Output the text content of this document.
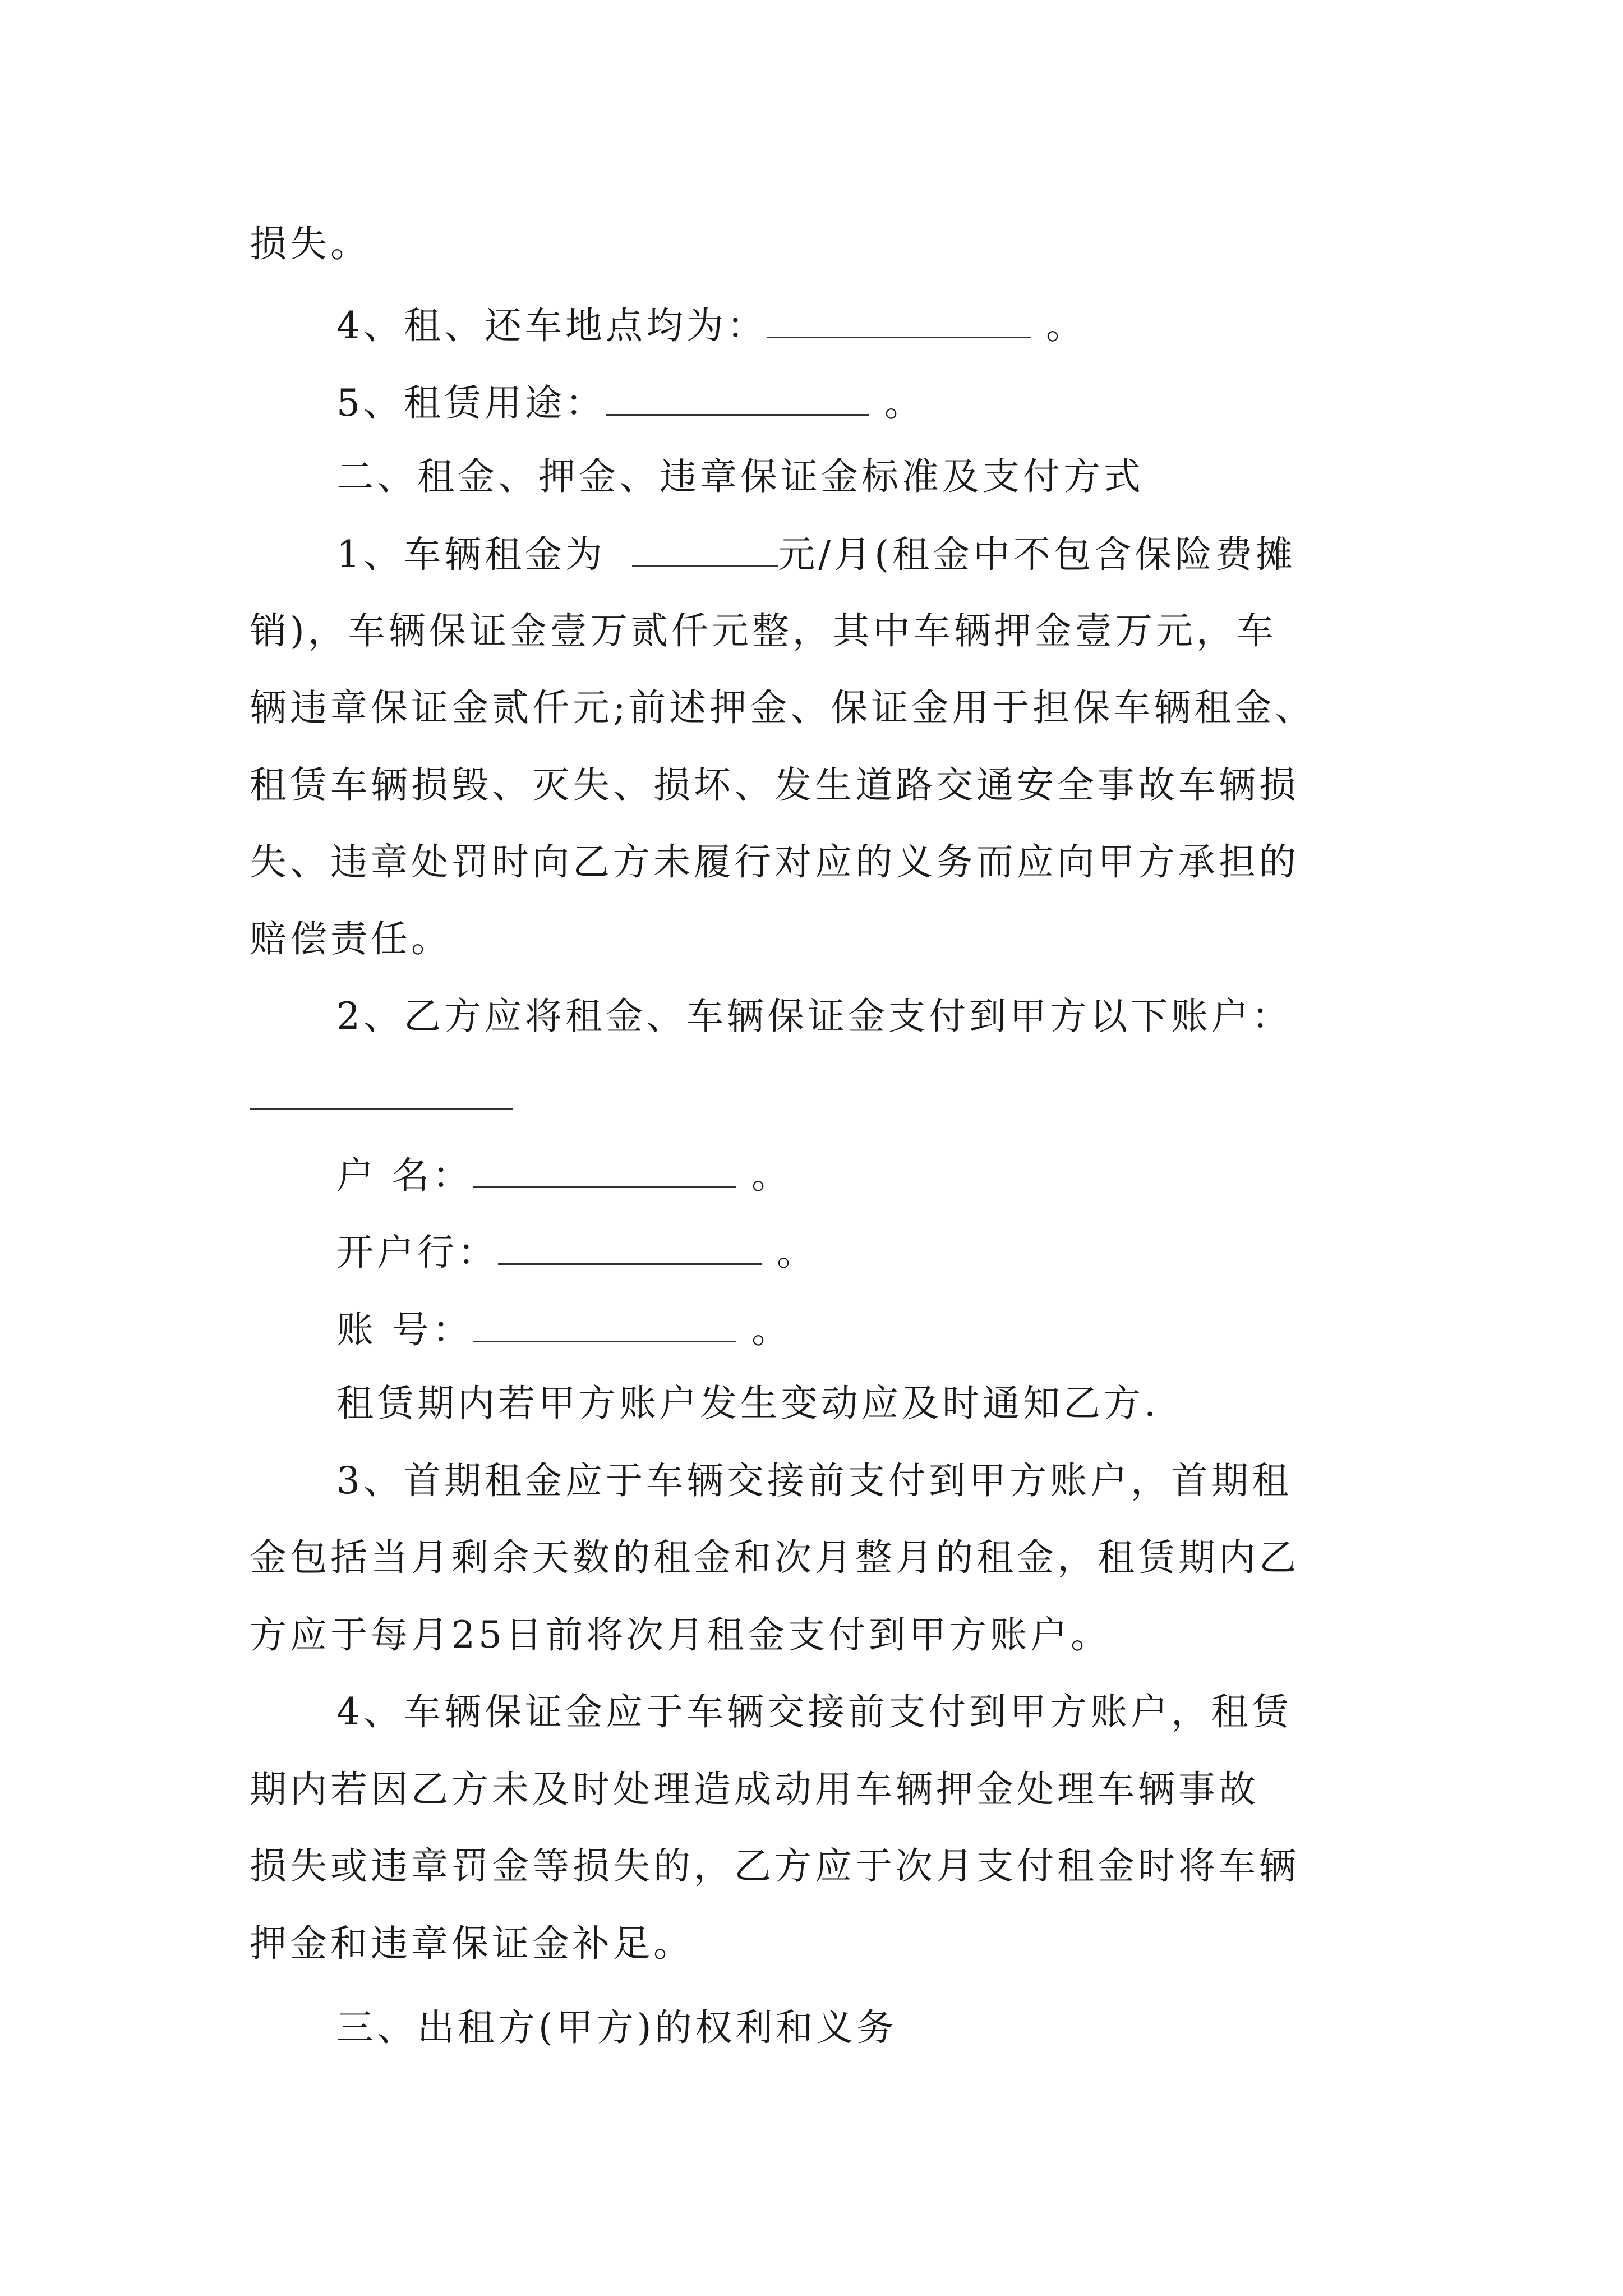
损失。
4、租、还车地点均为：	。
5、租赁用途：	。
二、租金、押金、违章保证金标准及支付方式
1、车辆租金为	元/月(租金中不包含保险费摊
销)，车辆保证金壹万贰仟元整，其中车辆押金壹万元，车
辆违章保证金贰仟元;前述押金、保证金用于担保车辆租金、
租赁车辆损毁、灭失、损坏、发生道路交通安全事故车辆损
失、违章处罚时向乙方未履行对应的义务而应向甲方承担的
赔偿责任。
2、乙方应将租金、车辆保证金支付到甲方以下账户：
户 名：	。
开户行：	。
账 号：	。
租赁期内若甲方账户发生变动应及时通知乙方.
3、首期租金应于车辆交接前支付到甲方账户，首期租
金包括当月剩余天数的租金和次月整月的租金，租赁期内乙
方应于每月25日前将次月租金支付到甲方账户。
4、车辆保证金应于车辆交接前支付到甲方账户，租赁
期内若因乙方未及时处理造成动用车辆押金处理车辆事故
损失或违章罚金等损失的，乙方应于次月支付租金时将车辆
押金和违章保证金补足。
三、出租方(甲方)的权利和义务
